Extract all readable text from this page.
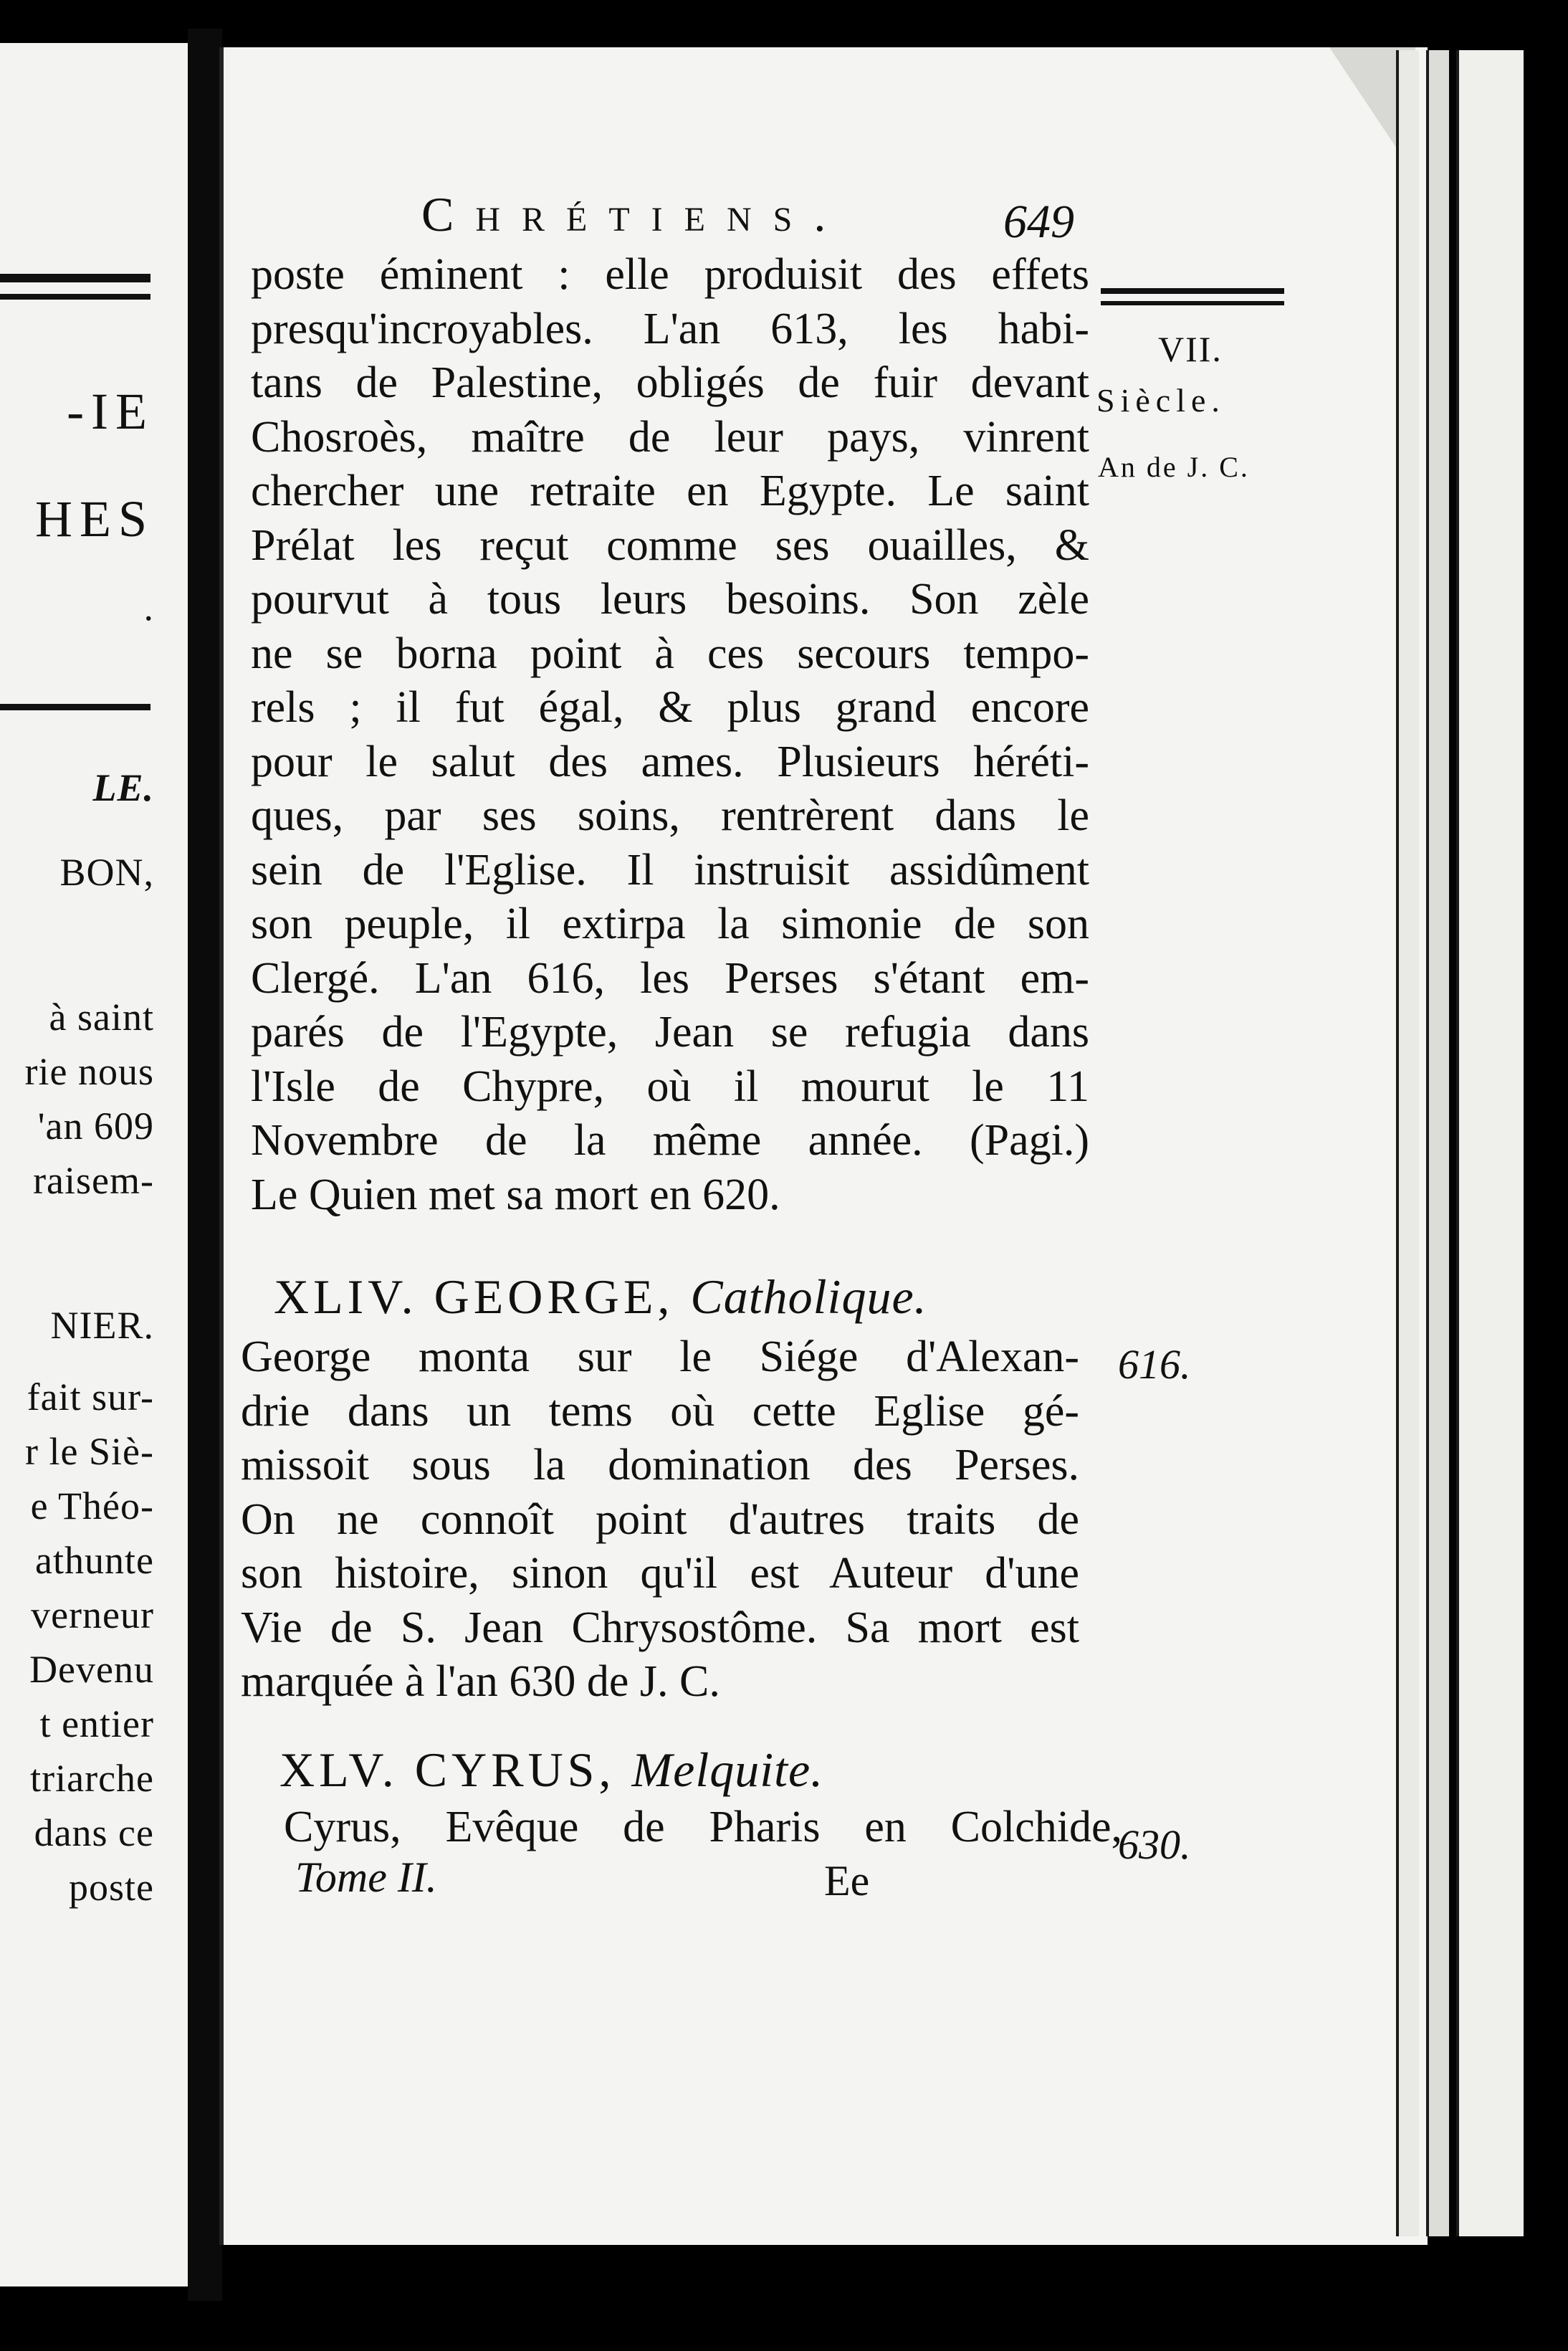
-IE
HES
.
LE.
BON,
à saint
rie nous
'an 609
raisem-
NIER.
fait sur-
r le Siè-
e Théo-
athunte
verneur
Devenu
t entier
triarche
dans ce
poste
Chrétiens.	649
VII.
Siècle.
An de J. C.
616.
630.
poste éminent : elle produisit des effets
presqu'incroyables. L'an 613, les habi-
tans de Palestine, obligés de fuir devant
Chosroès, maître de leur pays, vinrent
chercher une retraite en Egypte. Le saint
Prélat les reçut comme ses ouailles, &
pourvut à tous leurs besoins. Son zèle
ne se borna point à ces secours tempo-
rels ; il fut égal, & plus grand encore
pour le salut des ames. Plusieurs héréti-
ques, par ses soins, rentrèrent dans le
sein de l'Eglise. Il instruisit assidûment
son peuple, il extirpa la simonie de son
Clergé. L'an 616, les Perses s'étant em-
parés de l'Egypte, Jean se refugia dans
l'Isle de Chypre, où il mourut le 11
Novembre de la même année. (Pagi.)
Le Quien met sa mort en 620.
XLIV. GEORGE, Catholique.
George monta sur le Siége d'Alexan-
drie dans un tems où cette Eglise gé-
missoit sous la domination des Perses.
On ne connoît point d'autres traits de
son histoire, sinon qu'il est Auteur d'une
Vie de S. Jean Chrysostôme. Sa mort est
marquée à l'an 630 de J. C.
XLV. CYRUS, Melquite.
Cyrus, Evêque de Pharis en Colchide,
Tome II.	Ee
